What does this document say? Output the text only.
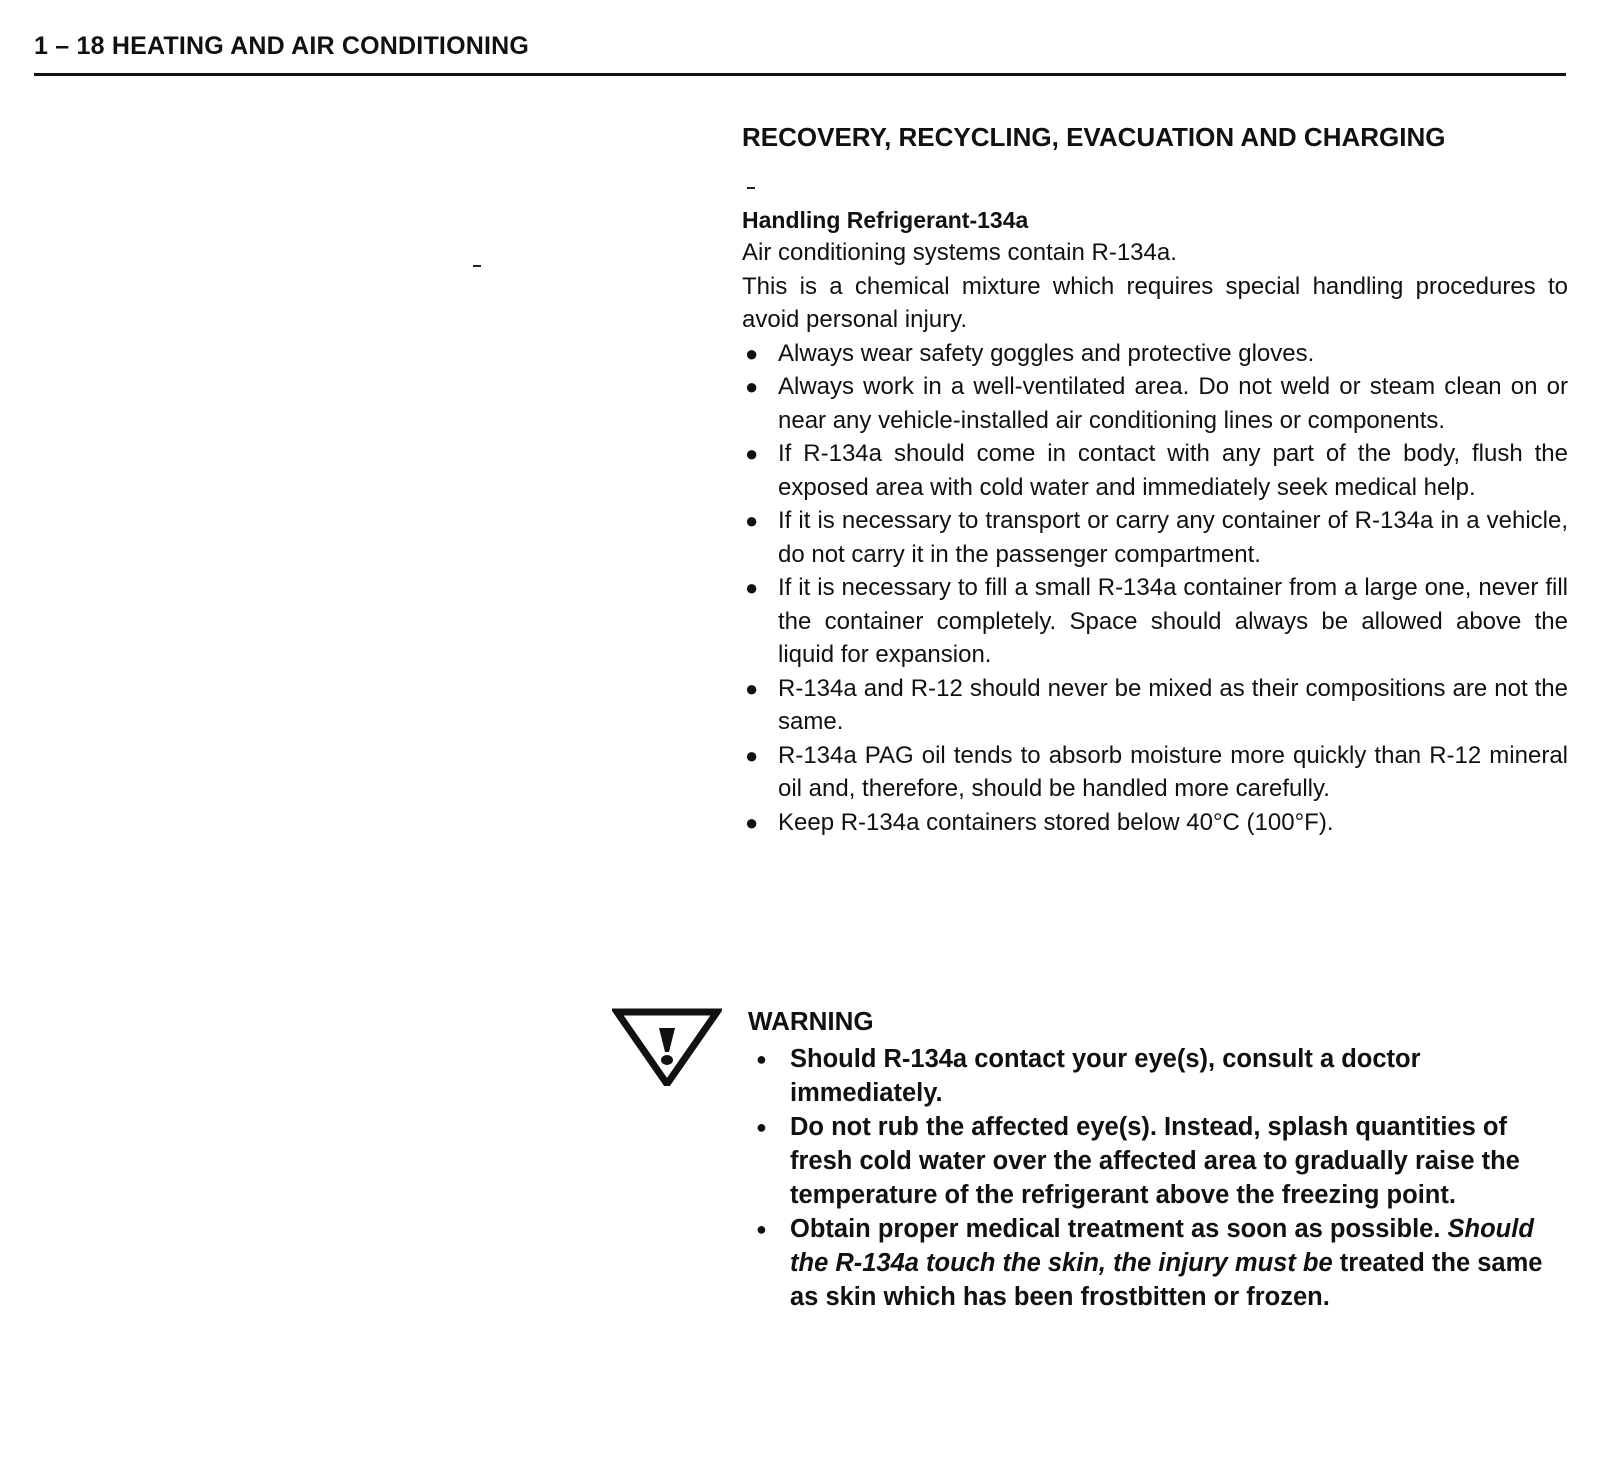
1 – 18 HEATING AND AIR CONDITIONING
RECOVERY, RECYCLING, EVACUATION AND CHARGING
Handling Refrigerant-134a

Air conditioning systems contain R-134a.

This is a chemical mixture which requires special handling procedures to avoid personal injury.

● Always wear safety goggles and protective gloves.
● Always work in a well-ventilated area. Do not weld or steam clean on or near any vehicle-installed air conditioning lines or components.
● If R-134a should come in contact with any part of the body, flush the exposed area with cold water and immediately seek medical help.
● If it is necessary to transport or carry any container of R-134a in a vehicle, do not carry it in the passenger compartment.
● If it is necessary to fill a small R-134a container from a large one, never fill the container completely. Space should always be allowed above the liquid for expansion.
● R-134a and R-12 should never be mixed as their compositions are not the same.
● R-134a PAG oil tends to absorb moisture more quickly than R-12 mineral oil and, therefore, should be handled more carefully.
● Keep R-134a containers stored below 40°C (100°F).
WARNING
● Should R-134a contact your eye(s), consult a doctor immediately.
● Do not rub the affected eye(s). Instead, splash quantities of fresh cold water over the affected area to gradually raise the temperature of the refrigerant above the freezing point.
● Obtain proper medical treatment as soon as possible. Should the R-134a touch the skin, the injury must be treated the same as skin which has been frostbitten or frozen.
